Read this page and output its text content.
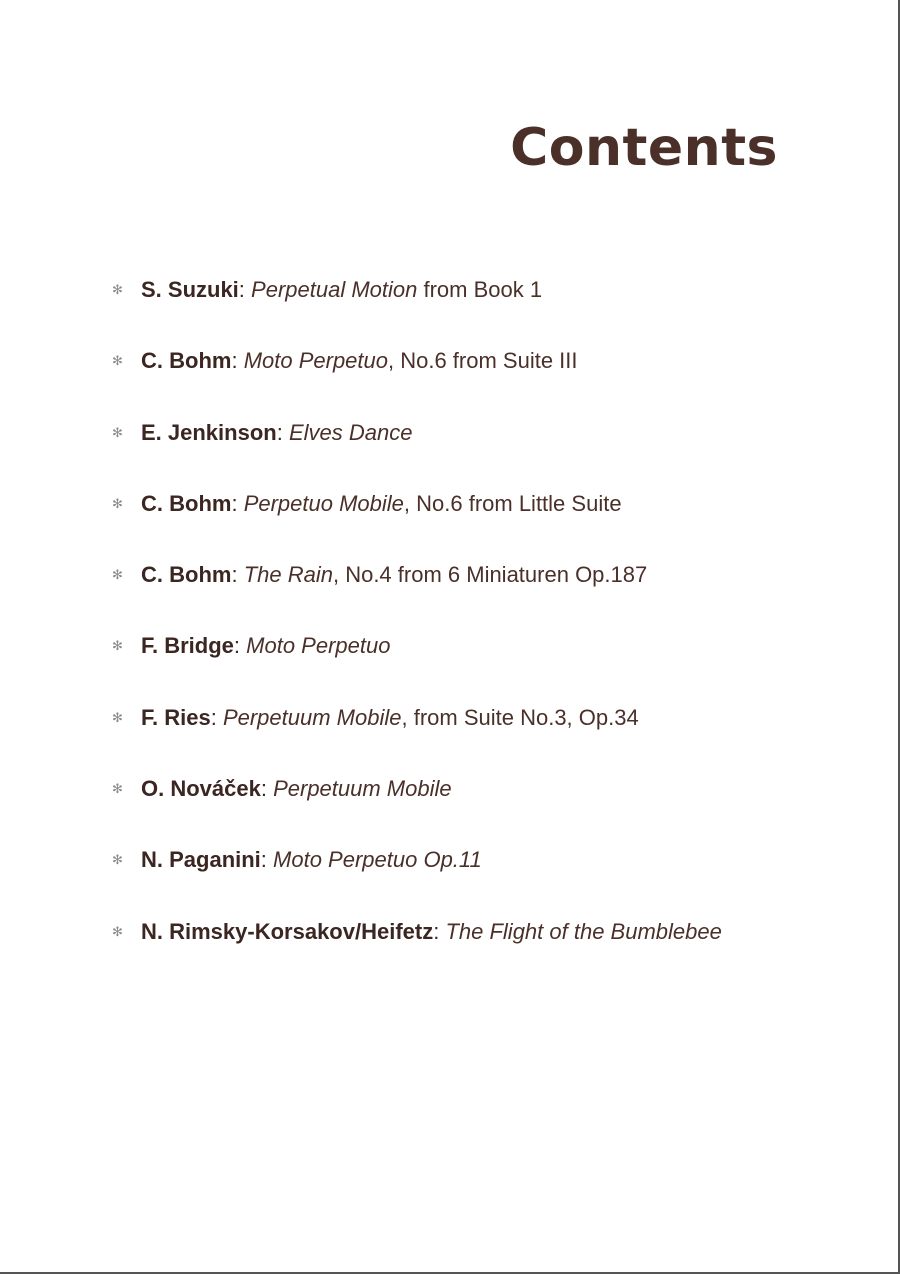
Contents
✻ S. Suzuki: Perpetual Motion from Book 1
✻ C. Bohm: Moto Perpetuo, No.6 from Suite III
✻ E. Jenkinson: Elves Dance
✻ C. Bohm: Perpetuo Mobile, No.6 from Little Suite
✻ C. Bohm: The Rain, No.4 from 6 Miniaturen Op.187
✻ F. Bridge: Moto Perpetuo
✻ F. Ries: Perpetuum Mobile, from Suite No.3, Op.34
✻ O. Nováček: Perpetuum Mobile
✻ N. Paganini: Moto Perpetuo Op.11
✻ N. Rimsky-Korsakov/Heifetz: The Flight of the Bumblebee
